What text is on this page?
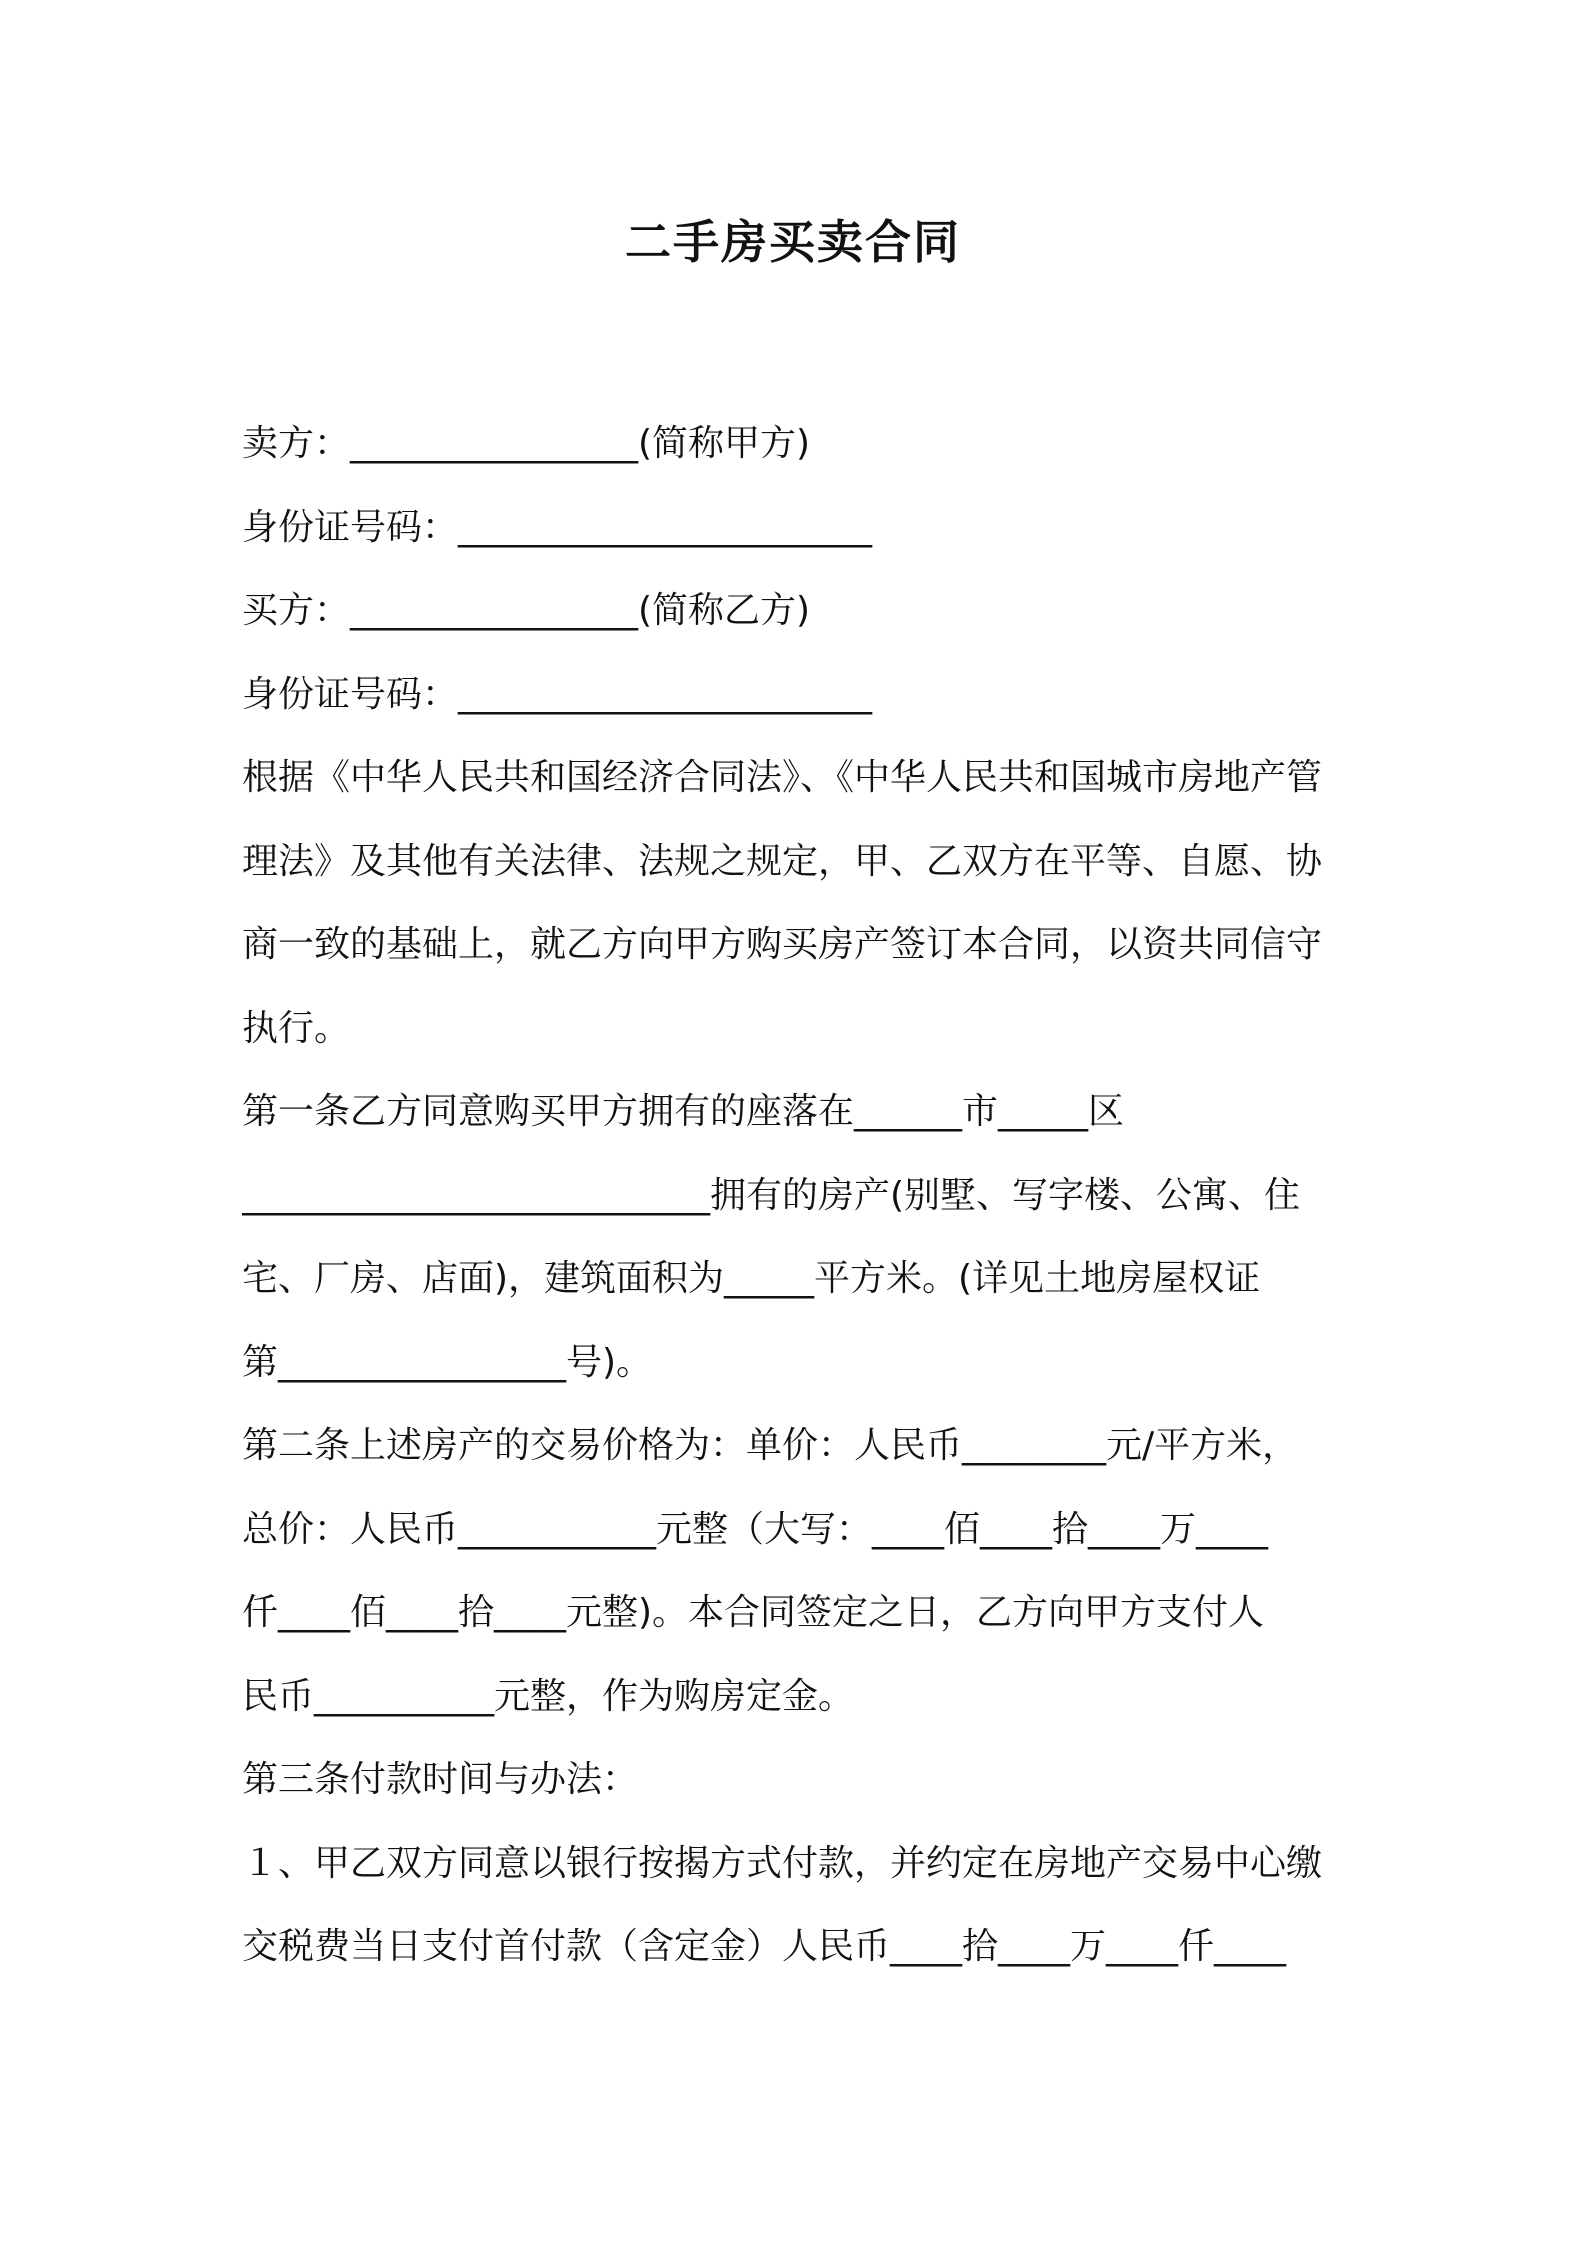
二手房买卖合同
卖方：________________(简称甲方)
身份证号码：_______________________
买方：________________(简称乙方)
身份证号码：_______________________
根据《中华人民共和国经济合同法》、《中华人民共和国城市房地产管
理法》及其他有关法律、法规之规定，甲、乙双方在平等、自愿、协
商一致的基础上，就乙方向甲方购买房产签订本合同，以资共同信守
执行。
第一条乙方同意购买甲方拥有的座落在______市_____区
__________________________拥有的房产(别墅、写字楼、公寓、住
宅、厂房、店面)，建筑面积为_____平方米。(详见土地房屋权证
第________________号)。
第二条上述房产的交易价格为：单价：人民币________元/平方米，
总价：人民币___________元整（大写：____佰____拾____万____
仟____佰____拾____元整)。本合同签定之日，乙方向甲方支付人
民币__________元整，作为购房定金。
第三条付款时间与办法：
１、甲乙双方同意以银行按揭方式付款，并约定在房地产交易中心缴
交税费当日支付首付款（含定金）人民币____拾____万____仟____
